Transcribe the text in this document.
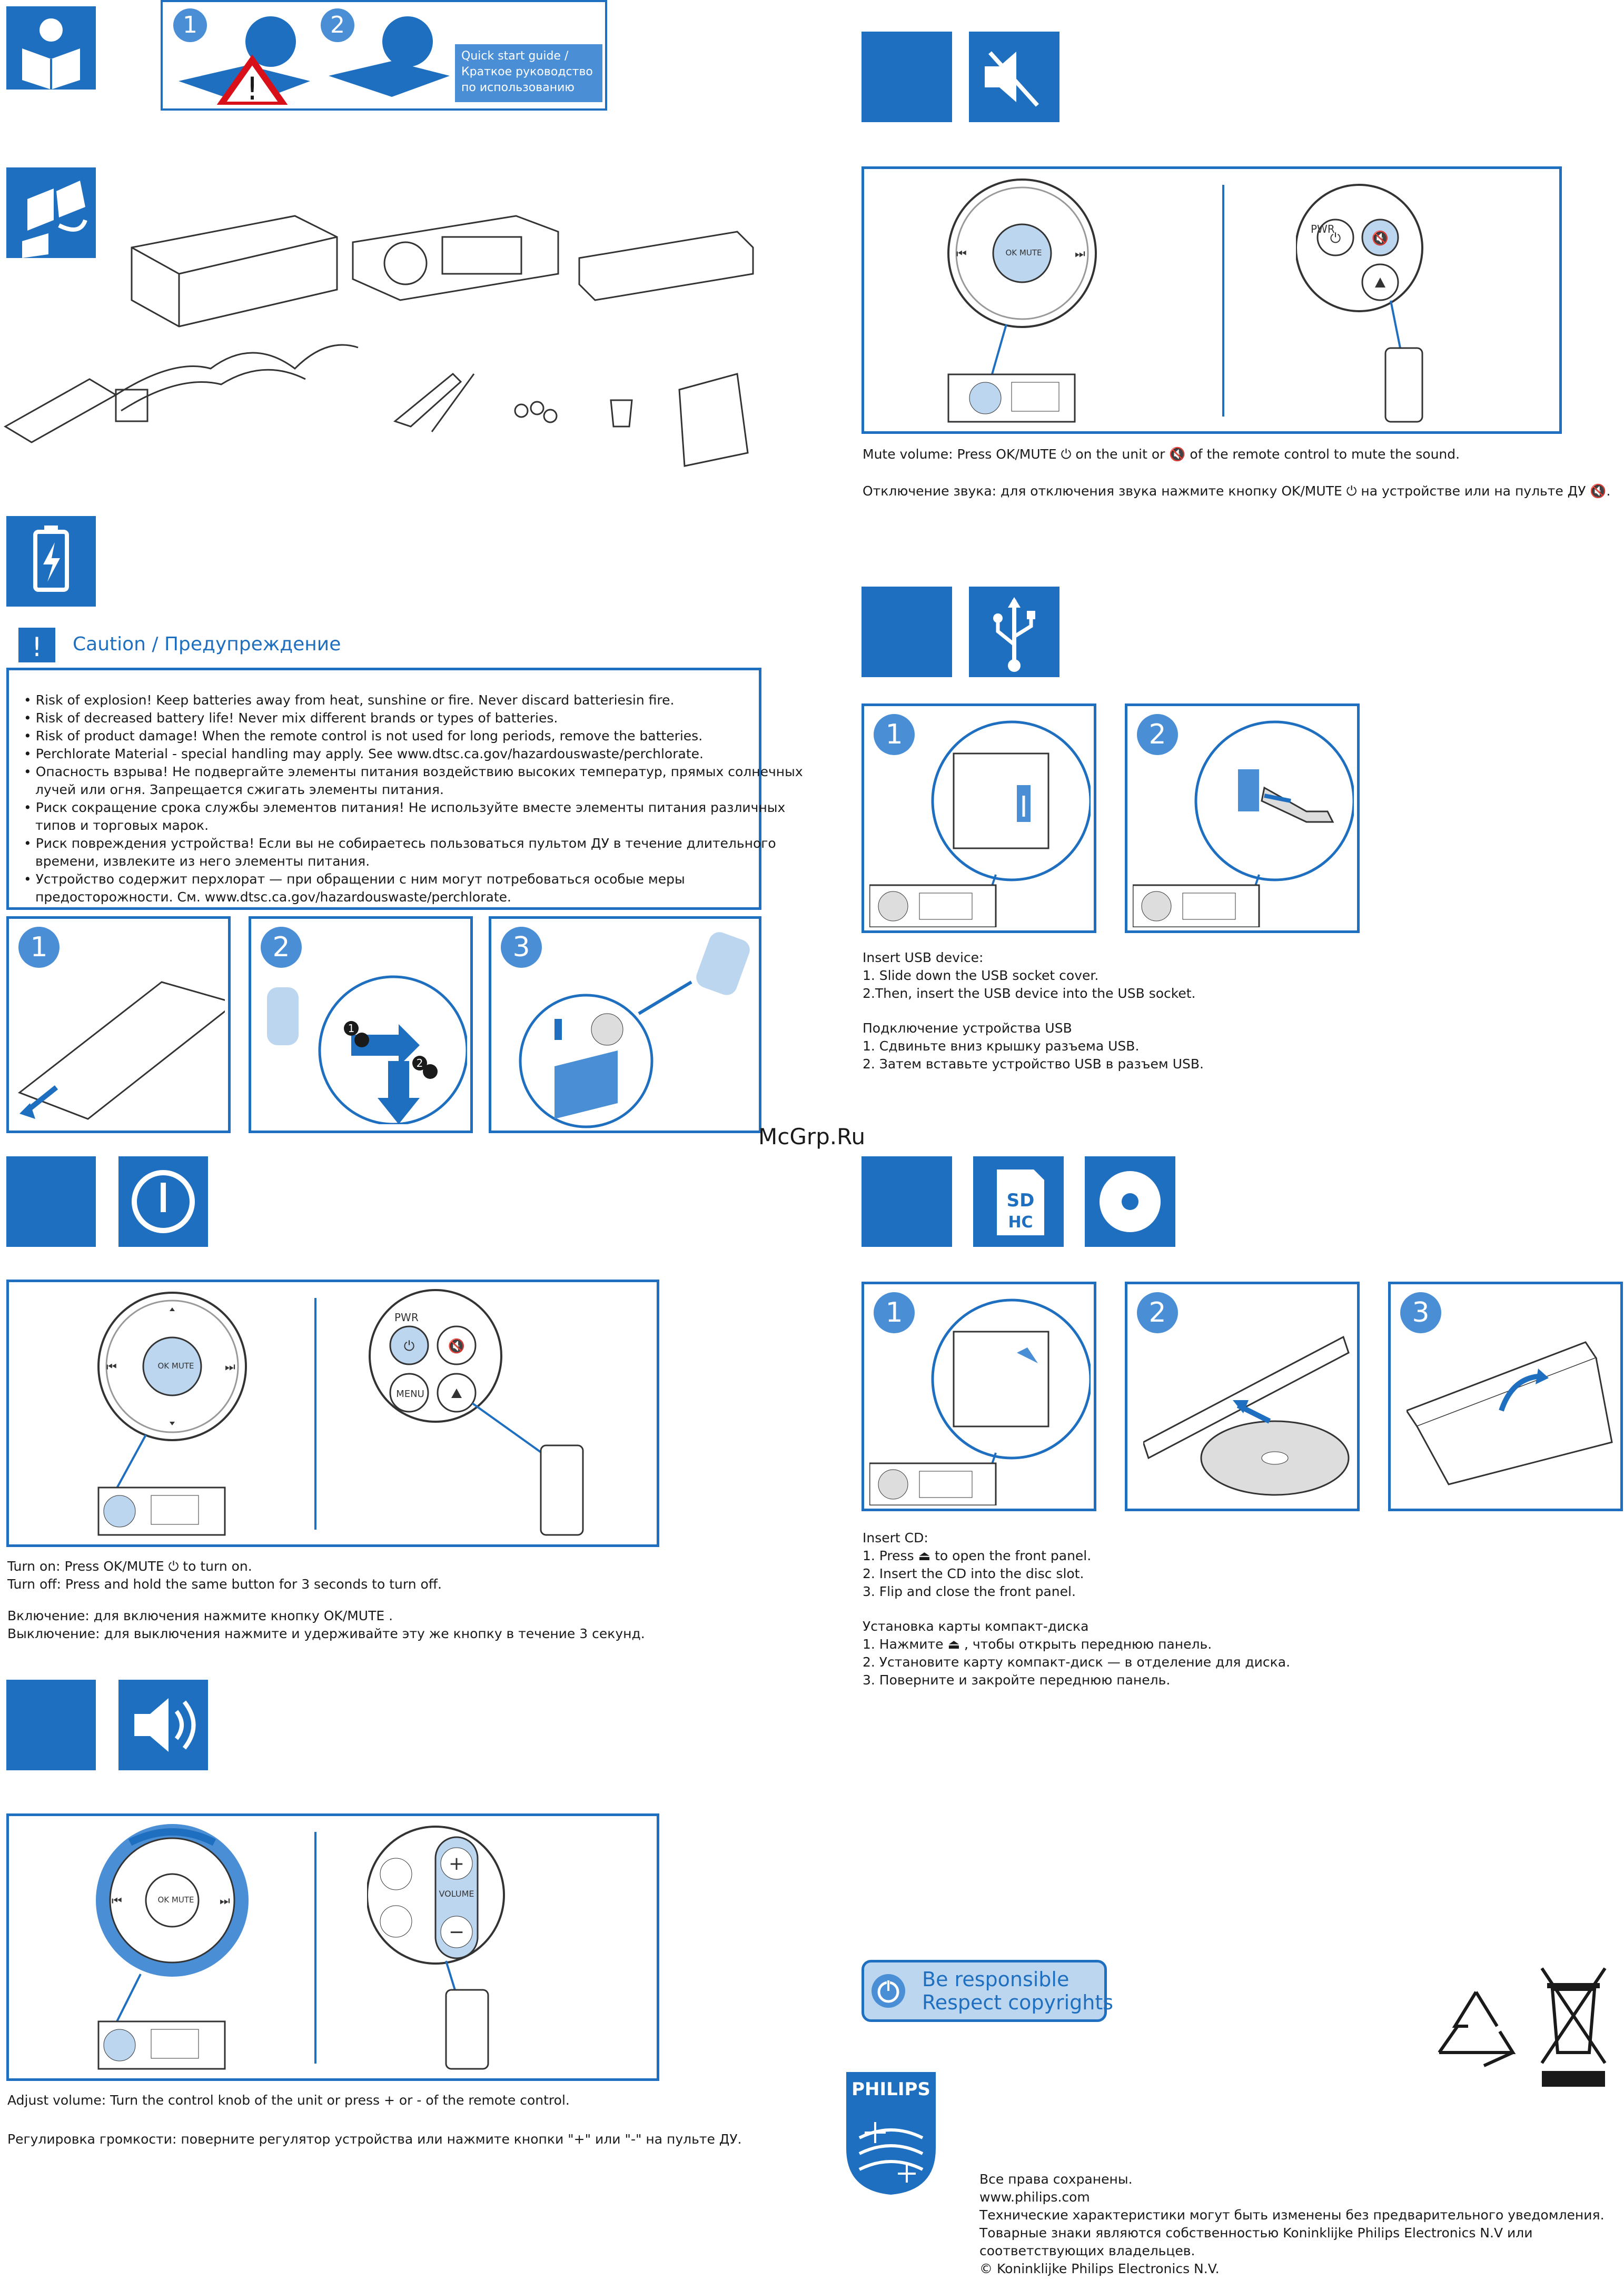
1	2
!
Quick start guide / Краткое руководство по использованию
! Caution / Предупреждение
• Risk of explosion! Keep batteries away from heat, sunshine or fire. Never discard batteriesin fire.
• Risk of decreased battery life! Never mix different brands or types of batteries.
• Risk of product damage! When the remote control is not used for long periods, remove the batteries.
• Perchlorate Material - special handling may apply. See www.dtsc.ca.gov/hazardouswaste/perchlorate.
• Опасность взрыва! Не подвергайте элементы питания воздействию высоких температур, прямых солнечных
лучей или огня. Запрещается сжигать элементы питания.
• Риск сокращение срока службы элементов питания! Не используйте вместе элементы питания различных
типов и торговых марок.
• Риск повреждения устройства! Если вы не собираетесь пользоваться пультом ДУ в течение длительного
времени, извлеките из него элементы питания.
• Устройство содержит перхлорат — при обращении с ним могут потребоваться особые меры
предосторожности. См. www.dtsc.ca.gov/hazardouswaste/perchlorate.
1	2
1
2
3
⏮	⏭
OK MUTE
⏻ 🔇
PWR
MENU
Turn on: Press OK/MUTE ⏻ to turn on.
Turn off: Press and hold the same button for 3 seconds to turn off.
Включение: для включения нажмите кнопку OK/MUTE .
Выключение: для выключения нажмите и удерживайте эту же кнопку в течение 3 секунд.
⏮	⏭
OK MUTE
+
−
VOLUME
Adjust volume: Turn the control knob of the unit or press + or - of the remote control.
Регулировка громкости: поверните регулятор устройства или нажмите кнопки "+" или "-" на пульте ДУ.
⏮	⏭
OK MUTE
⏻ 🔇
PWR
Mute volume: Press OK/MUTE ⏻ on the unit or 🔇 of the remote control to mute the sound.
Отключение звука: для отключения звука нажмите кнопку OK/MUTE ⏻ на устройстве или на пульте ДУ 🔇.
1	2
Insert USB device:
1. Slide down the USB socket cover.
2.Then, insert the USB device into the USB socket.
Подключение устройства USB
1. Сдвиньте вниз крышку разъема USB.
2. Затем вставьте устройство USB в разъем USB.
SD
HC
1	2	3
Insert CD:
1. Press ⏏ to open the front panel.
2. Insert the CD into the disc slot.
3. Flip and close the front panel.
Установка карты компакт-диска
1. Нажмите ⏏ , чтобы открыть переднюю панель.
2. Установите карту компакт-диск — в отделение для диска.
3. Поверните и закройте переднюю панель.
McGrp.Ru
Be responsible
Respect copyrights
PHILIPS
Все права сохранены.
www.philips.com
Технические характеристики могут быть изменены без предварительного уведомления.
Товарные знаки являются собственностью Koninklijke Philips Electronics N.V или
соответствующих владельцев.
© Koninklijke Philips Electronics N.V.
